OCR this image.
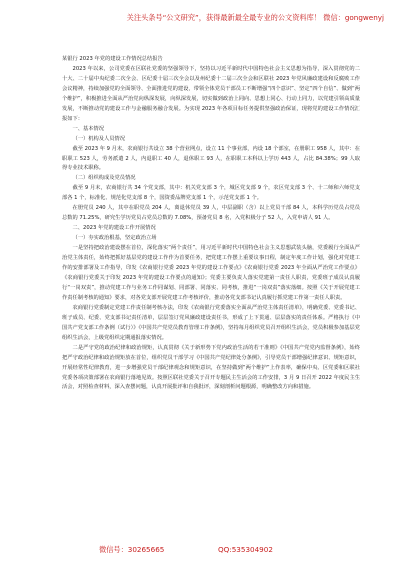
关注头条号“公文研究”，获得最新最全最专业的公文资料库！ 微信：gongwenyj

某银行 2023 年党的建设工作情况总结报告

2023 年以来，公司党委在区联社党委的坚强领导下，坚持以习近平新时代中国特色社会主义思想为指导，深入贯彻党的二十大、二十届中央纪委二次全会、区纪委十届三次全会以及州纪委十二届三次全会和区联社 2023 年党风廉政建设和反腐败工作会议精神，持续加强党的全面领导、全面推进党的建设，带领全体党员干部员工不断增强“四个意识”、坚定“四个自信”、做到“两个维护”，积极推进全面从严治党向纵深发展，向纵深发展，切实做到政治上同向、思想上同心、行动上同力，以党建引领高质量发展，不断推动党的建设工作与金融服务融合发展。为实现 2023 年各项目标任务提供坚强政治保证，现将党的建设工作情况汇报如下：

一、基本情况

（一）机构及人员情况

截至 2023 年 9 月末，农商银行共设立 38 个营业网点，设立 11 个事业部，内设 18 个部室，在册职工 958 人，其中：在职职工 523 人，劳务派遣 2 人，内退职工 40 人，退休职工 93 人，在职职工本科以上学历 443 人，占比 84.38%；99 人取得专业技术职称。

（二）组织构成及党员情况

截至 9 月末，农商银行共 34 个党支部，其中：机关党支部 3 个，城区党支部 9 个，农区党支部 3 个、十二师和六师党支部各 1 个，标准化、规范化党支部 8 个，国资委品牌党支部 1 个，示范党支部 1 个。

在册党员 240 人，其中在职党员 204 人，离退休党员 39 人，中层副职（含）以上党员干部 84 人，本科学历党员占党员总数的 71.25%，研究生学历党员占党员总数的 7.08%，预备党员 8 名，入党积极分子 52 人，入党申请人 91 人。

二、2023 年党的建设工作开展情况

（一）夯实政治根基，坚定政治立场

一是坚持把政治建设摆在首位，深化落实“两个责任”，用习近平新时代中国特色社会主义思想武装头脑，党委履行全面从严治党主体责任，始终把抓好基层党的建设工作作为首要任务，把党建工作摆上重要议事日程，制定年度工作计划，强化对党建工作的安排部署及工作指导，印发《农商银行党委 2023 年党的建设工作要点》《农商银行党委 2023 年全面从严治党工作要点》《农商银行党委关于印发 2023 年党的建设工作要点的通知》；党委主要负责人落实党建第一责任人职责，党委班子成员认真履行“一岗双责”，推动党建工作与业务工作同谋划、同部署、同落实、同考核，推进“一岗双责”落实落细。按照《关于开展党建工作责任制考核的通知》要求，对各党支部开展党建工作考核评价，推动各党支部书记认真履行抓党建工作第一责任人职责。

农商银行党委制定党建工作责任制考核办法，印发《农商银行党委落实全面从严治党主体责任清单》，明确党委、党委书记、班子成员、纪委、党支部书记责任清单，层层签订党风廉政建设责任书，形成了上下贯通、层层落实的责任体系。严格执行《中国共产党支部工作条例（试行）》《中国共产党党员教育管理工作条例》，坚持每月组织党员召开组织生活会，党员积极参加基层党组织生活会，上级党组织定期通报落实情况。

二是严守党的政治纪律和政治规矩，认真贯彻《关于新形势下党内政治生活的若干准则》《中国共产党党内监督条例》，始终把严守政治纪律和政治规矩放在首位，组织党员干部学习《中国共产党纪律处分条例》，引导党员干部增强纪律意识、规矩意识，开展经常性纪律教育，进一步增强党员干部纪律观念和规矩意识，在坚持做到“两个维护”上作表率，确保中央、区党委和区联社党委各项决策部署在农商银行落地见效。按照区联社党委关于召开专题民主生活会的工作安排，3 月 9 日召开 2022 年度民主生活会，对照检查材料，深入查摆问题，认真开展批评和自我批评，深刻剖析问题根源，明确整改方向和措施。

微信号：30265665	QQ:535304902
